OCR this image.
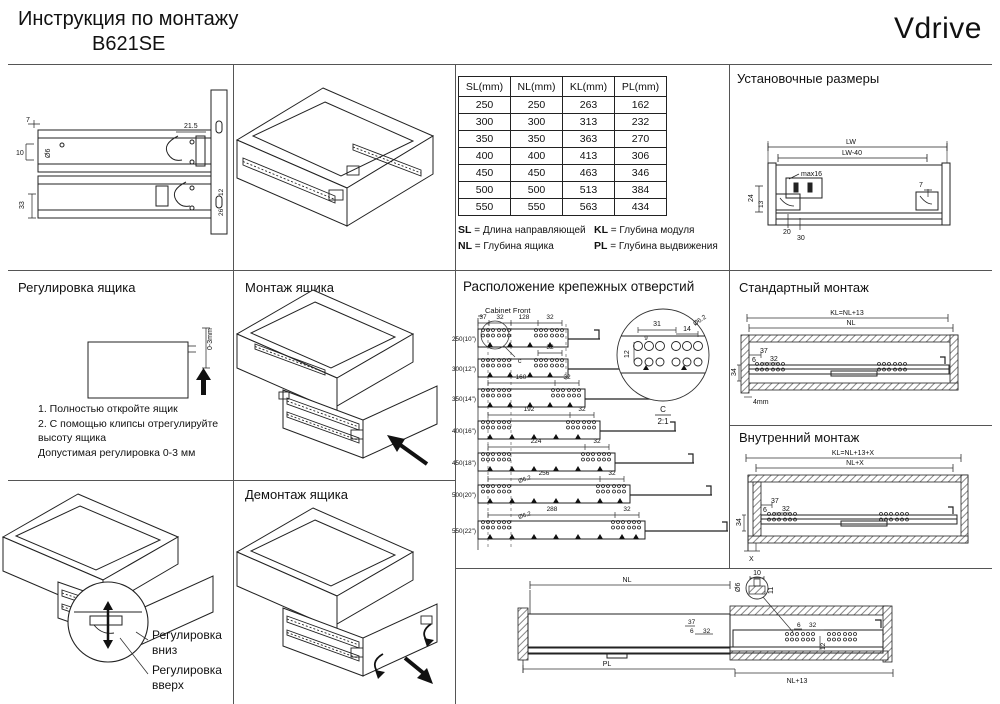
Инструкция по монтажу
B621SE	Vdrive
7
10	Ø6
21.5
33
12
26
SL(mm)	NL(mm)	KL(mm)	PL(mm)
250	250	263	162
300	300	313	232
350	350	363	270
400	400	413	306
450	450	463	346
500	500	513	384
550	550	563	434
SL = Длина направляющей KL = Глубина модуля
NL = Глубина ящика	PL = Глубина выдвижения
Установочные размеры
LW
LW-40
max16
7
24
13
20
30
Регулировка ящика
0-3mm
1. Полностью откройте ящик
2. С помощью клипсы отрегулируйте
высоту ящика
Допустимая регулировка 0-3 мм
Монтаж ящика	Расположение крепежных отверстий
Cabinet Front
250(10")
37 32 128	32
c
300(12")
32
350(14")
160	32
400(16")
192	32
450(18")
224	32
500(20")
256	32
Ø6.2
550(22")
288	32
Ø6.2
31
9
14
12
Ø6.2
C
2:1
Стандартный монтаж
37
6 32
34
4mm
KL=NL+13
NL
Внутренний монтаж
37
6 32
34
X
KL=NL+13+X
NL+X
Регулировка вниз
Регулировка вверх
Демонтаж ящика
NL
PL
NL+13
10
Ø6	11
37
6 32
6 32
12
